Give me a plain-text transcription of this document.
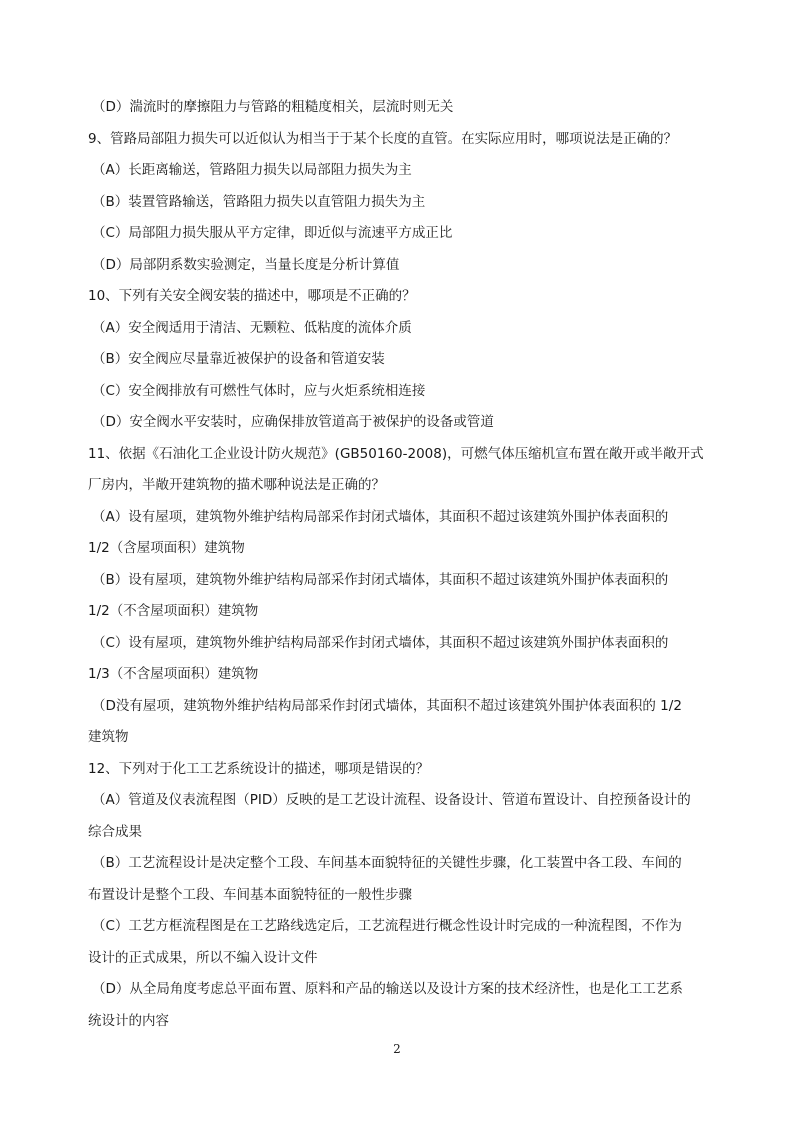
（D）湍流时的摩擦阻力与管路的粗糙度相关，层流时则无关
9、管路局部阻力损失可以近似认为相当于于某个长度的直管。在实际应用时，哪项说法是正确的？
（A）长距离输送，管路阻力损失以局部阻力损失为主
（B）装置管路输送，管路阻力损失以直管阻力损失为主
（C）局部阻力损失服从平方定律，即近似与流速平方成正比
（D）局部阴系数实验测定，当量长度是分析计算值
10、下列有关安全阀安装的描述中，哪项是不正确的？
（A）安全阀适用于清洁、无颗粒、低粘度的流体介质
（B）安全阀应尽量靠近被保护的设备和管道安装
（C）安全阀排放有可燃性气体时，应与火炬系统相连接
（D）安全阀水平安装时，应确保排放管道高于被保护的设备或管道
11、依据《石油化工企业设计防火规范》(GB50160-2008)，可燃气体压缩机宣布置在敞开或半敞开式
厂房内，半敞开建筑物的描术哪种说法是正确的？
（A）设有屋项，建筑物外维护结构局部采作封闭式墙体，其面积不超过该建筑外围护体表面积的
1/2（含屋项面积）建筑物
（B）设有屋项，建筑物外维护结构局部采作封闭式墙体，其面积不超过该建筑外围护体表面积的
1/2（不含屋项面积）建筑物
（C）设有屋项，建筑物外维护结构局部采作封闭式墙体，其面积不超过该建筑外围护体表面积的
1/3（不含屋项面积）建筑物
（D没有屋项，建筑物外维护结构局部采作封闭式墙体，其面积不超过该建筑外围护体表面积的 1/2
建筑物
12、下列对于化工工艺系统设计的描述，哪项是错误的？
（A）管道及仪表流程图（PID）反映的是工艺设计流程、设备设计、管道布置设计、自控预备设计的
综合成果
（B）工艺流程设计是决定整个工段、车间基本面貌特征的关键性步骤，化工装置中各工段、车间的
布置设计是整个工段、车间基本面貌特征的一般性步骤
（C）工艺方框流程图是在工艺路线选定后，工艺流程进行概念性设计时完成的一种流程图，不作为
设计的正式成果，所以不编入设计文件
（D）从全局角度考虑总平面布置、原料和产品的输送以及设计方案的技术经济性，也是化工工艺系
统设计的内容
2
